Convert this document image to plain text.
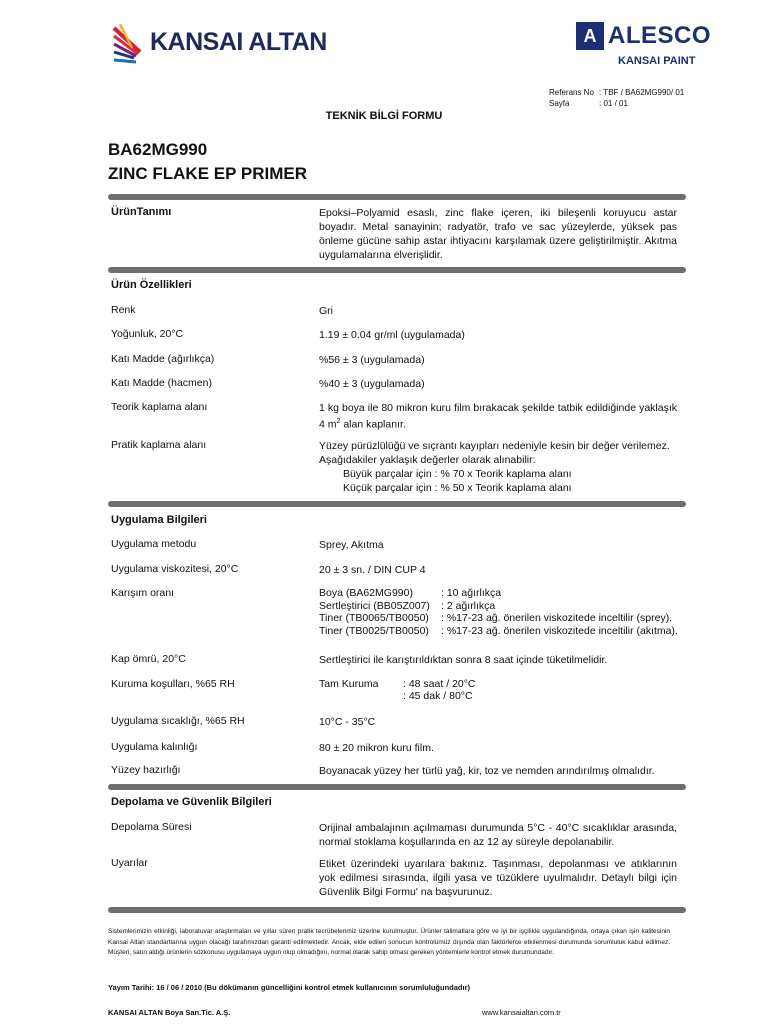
KANSAI ALTAN	A ALESCO
KANSAI PAINT
Referans No : TBF / BA62MG990/ 01
Sayfa	: 01 / 01
TEKNİK BİLGİ FORMU
BA62MG990
ZINC FLAKE EP PRIMER
ÜrünTanımı	Epoksi–Polyamid esaslı, zinc flake içeren, iki bileşenli koruyucu astar boyadır. Metal sanayinin; radyatör, trafo ve sac yüzeylerde, yüksek pas önleme gücüne sahip astar ihtiyacını karşılamak üzere geliştirilmiştir. Akıtma uygulamalarına elverişlidir.
Ürün Özellikleri
Renk	Gri
Yoğunluk, 20°C	1.19 ± 0.04 gr/ml (uygulamada)
Katı Madde (ağırlıkça)	%56 ± 3 (uygulamada)
Katı Madde (hacmen)	%40 ± 3 (uygulamada)
Teorik kaplama alanı	1 kg boya ile 80 mikron kuru film bırakacak şekilde tatbik edildiğinde yaklaşık 4 $m^2$ alan kaplanır.
Pratik kaplama alanı	Yüzey pürüzlülüğü ve sıçrantı kayıpları nedeniyle kesin bir değer verilemez. Aşağıdakiler yaklaşık değerler olarak alınabilir:
Büyük parçalar için : % 70 x Teorik kaplama alanı
Küçük parçalar için : % 50 x Teorik kaplama alanı
Uygulama Bilgileri
Uygulama metodu	Sprey, Akıtma
Uygulama viskozitesi, 20°C	20 ± 3 sn. / DIN CUP 4
Karışım oranı	Boya (BA62MG990)	: 10 ağırlıkça
Sertleştirici (BB05Z007)	: 2 ağırlıkça
Tiner (TB0065/TB0050)	: %17-23 ağ. önerilen viskozitede inceltilir (sprey).
Tiner (TB0025/TB0050)	: %17-23 ağ. önerilen viskozitede inceltilir (akıtma).
Kap ömrü, 20°C	Sertleştirici ile karıştırıldıktan sonra 8 saat içinde tüketilmelidir.
Kuruma koşulları, %65 RH	Tam Kuruma	: 48 saat / 20°C
: 45 dak / 80°C
Uygulama sıcaklığı, %65 RH	10°C - 35°C
Uygulama kalınlığı	80 ± 20 mikron kuru film.
Yüzey hazırlığı	Boyanacak yüzey her türlü yağ, kir, toz ve nemden arındırılmış olmalıdır.
Depolama ve Güvenlik Bilgileri
Depolama Süresi	Orijinal ambalajının açılmaması durumunda 5°C - 40°C sıcaklıklar arasında, normal stoklama koşullarında en az 12 ay süreyle depolanabilir.
Uyarılar	Etiket üzerindeki uyarılara bakınız. Taşınması, depolanması ve atıklarının yok edilmesi sırasında, ilgili yasa ve tüzüklere uyulmalıdır. Detaylı bilgi için Güvenlik Bilgi Formu' na başvurunuz.
Sistemlerimizin etkinliği, laboratuvar araştırmaları ve yıllar süren pratik tecrübelerimiz üzerine kurulmuştur. Ürünler talimatlara göre ve iyi bir işçilikle uygulandığında, ortaya çıkan işin kalitesinin Kansai Altan standartlarına uygun olacağı tarafımızdan garanti edilmektedir. Ancak, elde edilen sonucun kontrolümüz dışında olan faktörlerce etkilenmesi durumunda sorumluluk kabul edilmez. Müşteri, satın aldığı ürünlerin sözkonusu uygulamaya uygun olup olmadığını, normal olarak sahip olması gereken yöntemlerle kontrol etmek durumundadır.
Yayım Tarihi: 16 / 06 / 2010 (Bu dökümanın güncelliğini kontrol etmek kullanıcının sorumluluğundadır)
KANSAI ALTAN Boya San.Tic. A.Ş.	www.kansaialtan.com.tr
